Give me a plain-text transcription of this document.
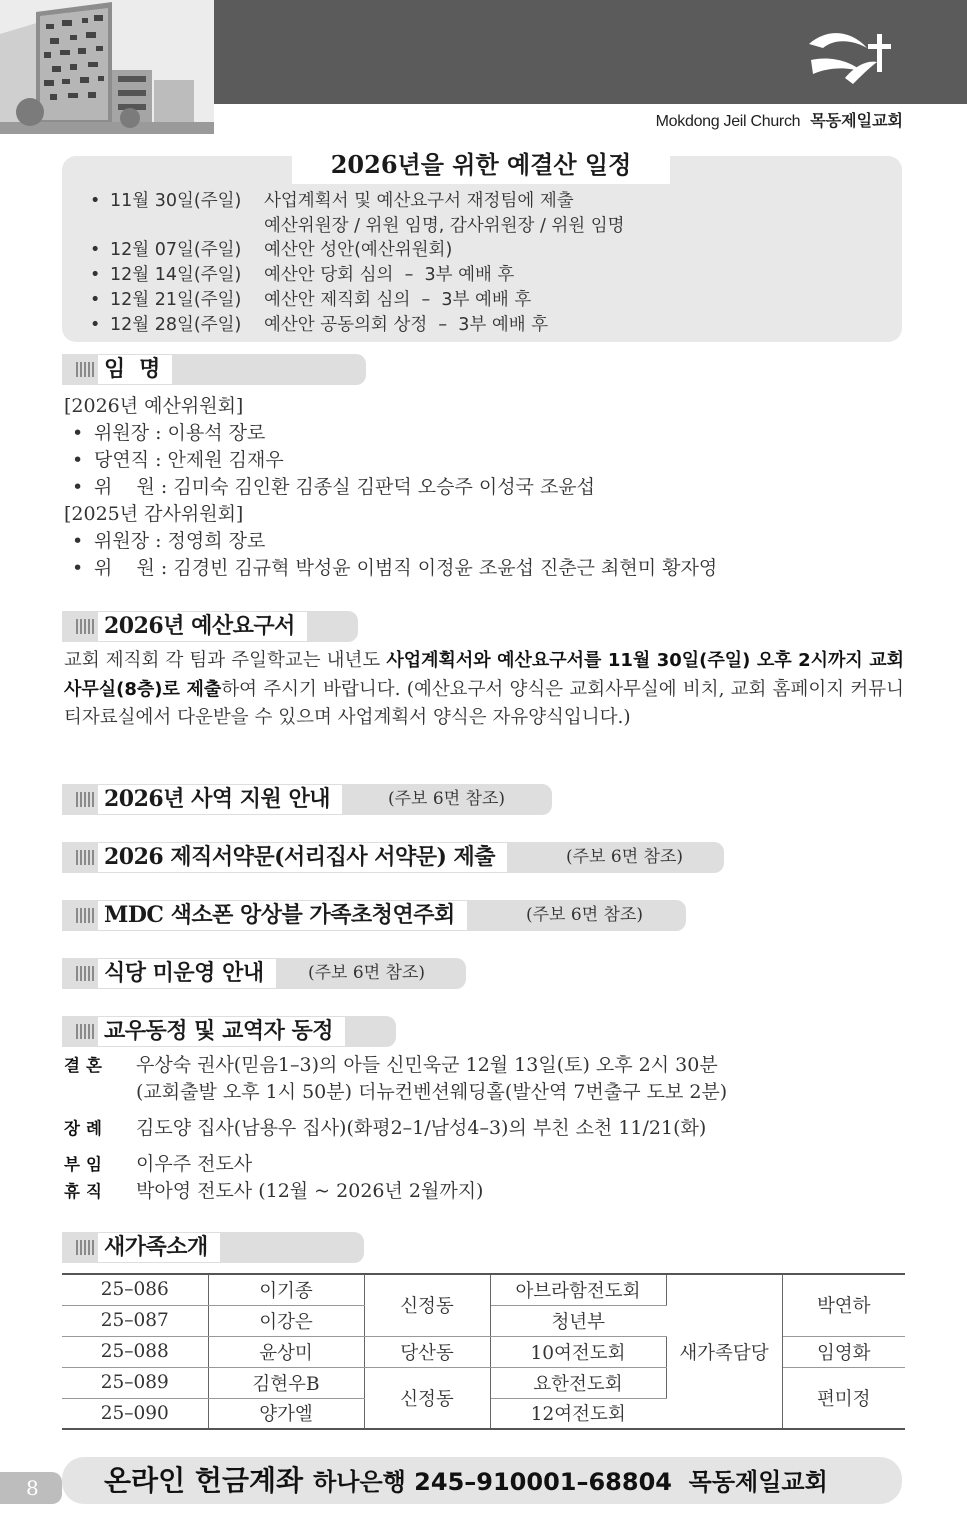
Mokdong Jeil Church 목동제일교회
2026년을 위한 예결산 일정
• 11월 30일(주일)	사업계획서 및 예산요구서 재정팀에 제출
예산위원장 / 위원 임명, 감사위원장 / 위원 임명
• 12월 07일(주일)	예산안 성안(예산위원회)
• 12월 14일(주일)	예산안 당회 심의  –  3부 예배 후
• 12월 21일(주일)	예산안 제직회 심의  –  3부 예배 후
• 12월 28일(주일)	예산안 공동의회 상정  –  3부 예배 후
임  명
[2026년 예산위원회]
• 위원장 : 이용석 장로
• 당연직 : 안제원 김재우
• 위    원 : 김미숙 김인환 김종실 김판덕 오승주 이성국 조윤섭
[2025년 감사위원회]
• 위원장 : 정영희 장로
• 위    원 : 김경빈 김규혁 박성윤 이범직 이정윤 조윤섭 진춘근 최현미 황자영
2026년 예산요구서

교회 제직회 각 팀과 주일학교는 내년도 사업계획서와 예산요구서를 11월 30일(주일) 오후 2시까지 교회사무실(8층)로 제출하여 주시기 바랍니다. (예산요구서 양식은 교회사무실에 비치, 교회 홈페이지 커뮤니티자료실에서 다운받을 수 있으며 사업계획서 양식은 자유양식입니다.)

2026년 사역 지원 안내	(주보 6면 참조)
2026 제직서약문(서리집사 서약문) 제출	(주보 6면 참조)
MDC 색소폰 앙상블 가족초청연주회	(주보 6면 참조)
식당 미운영 안내	(주보 6면 참조)
교우동정 및 교역자 동정
결혼 우상숙 권사(믿음1–3)의 아들 신민욱군 12월 13일(토) 오후 2시 30분
(교회출발 오후 1시 50분) 더뉴컨벤션웨딩홀(발산역 7번출구 도보 2분)
장례 김도양 집사(남용우 집사)(화평2–1/남성4–3)의 부친 소천 11/21(화)
부임 이우주 전도사
휴직 박아영 전도사 (12월 ~ 2026년 2월까지)
새가족소개
25–086	이기종	신정동	아브라함전도회	새가족담당	박연하
25–087	이강은		청년부		
25–088	윤상미	당산동	10여전도회		임영화
25–089	김현우B	신정동	요한전도회		편미정
25–090	양가엘		12여전도회		
8	온라인 헌금계좌 하나은행 245–910001–68804  목동제일교회
